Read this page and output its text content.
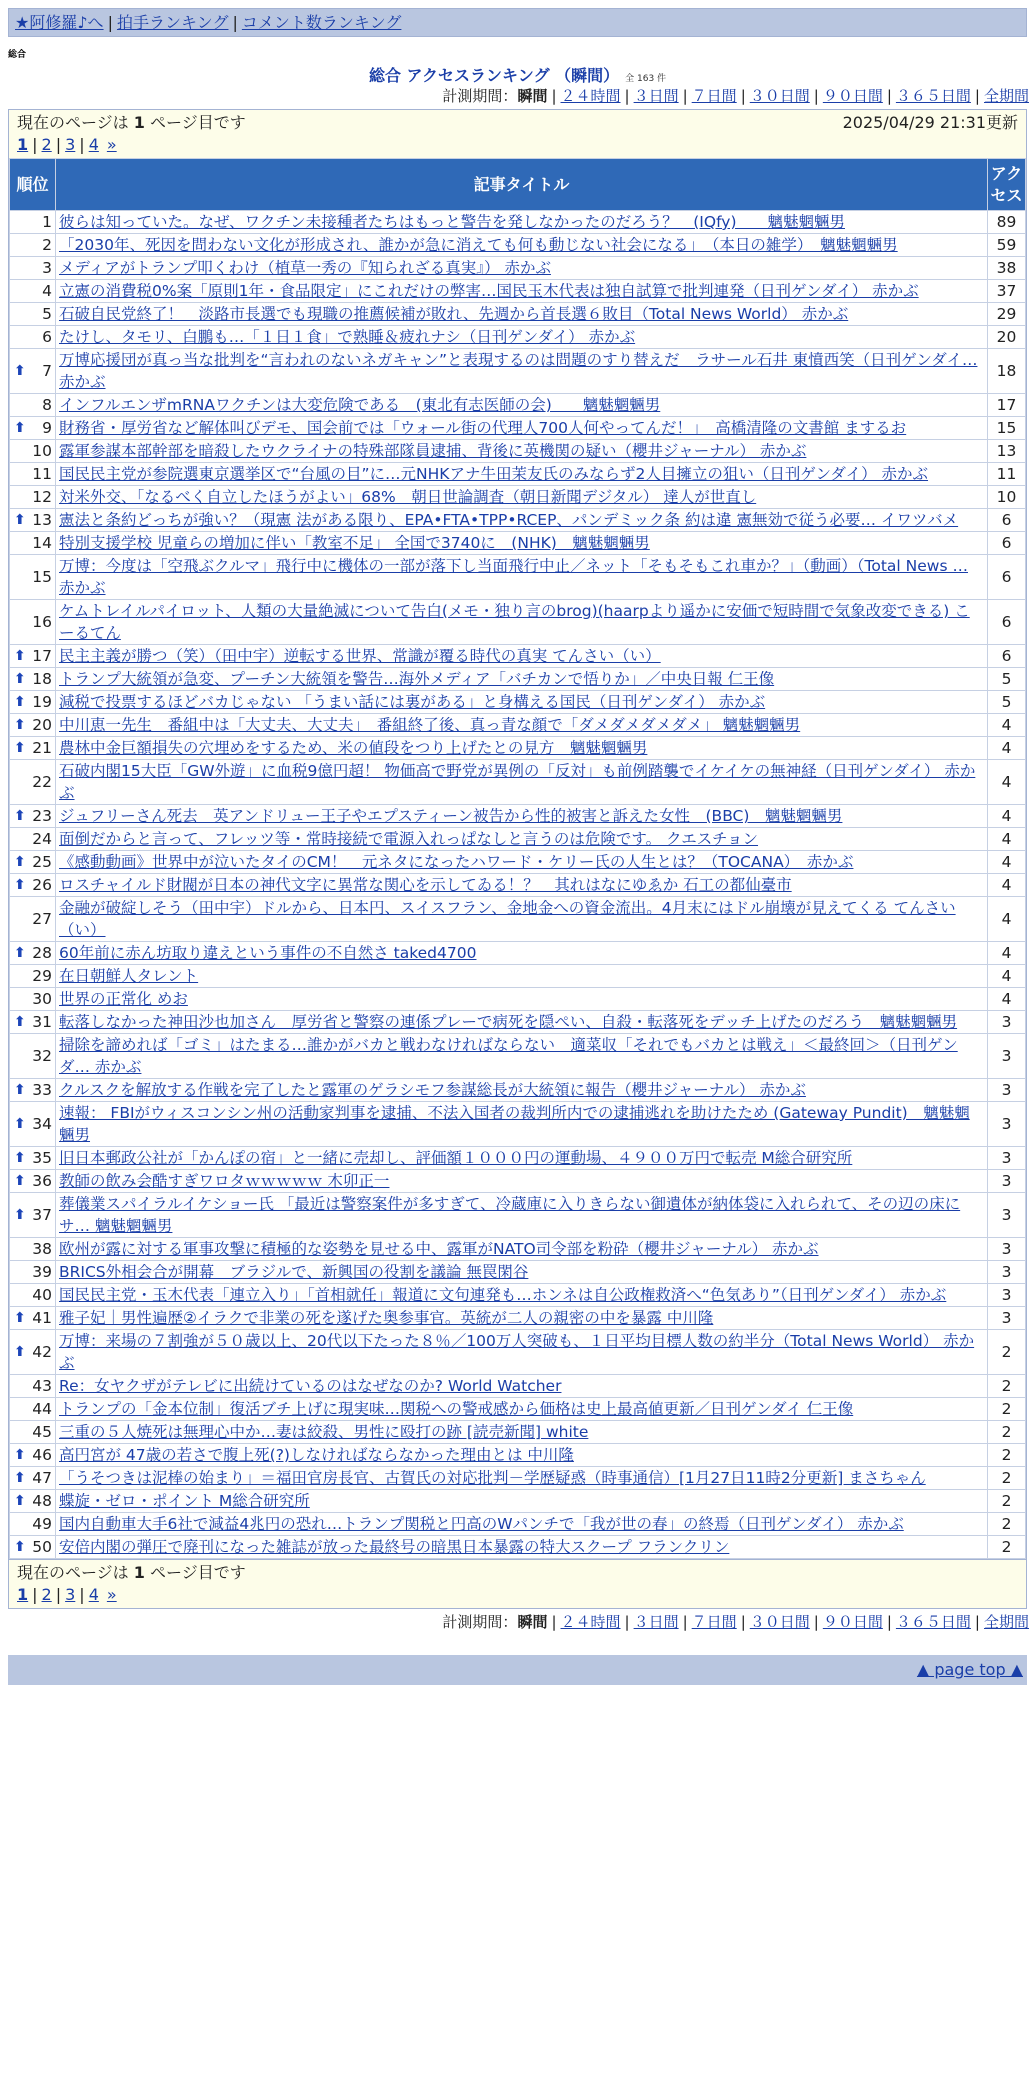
★阿修羅♪へ | 拍手ランキング | コメント数ランキング
総合
総合 アクセスランキング （瞬間） 全 163 件
計測期間：瞬間 | ２４時間 | ３日間 | ７日間 | ３０日間 | ９０日間 | ３６５日間 | 全期間
現在のページは 1 ページ目です	2025/04/29 21:31更新
1 | 2 | 3 | 4 »
順位	記事タイトル	アクセス
1	彼らは知っていた。なぜ、ワクチン未接種者たちはもっと警告を発しなかったのだろう？　(IQfy)　　魑魅魍魎男	89
2	「2030年、死因を問わない文化が形成され、誰かが急に消えても何も動じない社会になる」　（本日の雑学）　魑魅魍魎男	59
3	メディアがトランプ叩くわけ（植草一秀の『知られざる真実』） 赤かぶ	38
4	立憲の消費税0%案「原則1年・食品限定」にこれだけの弊害…国民玉木代表は独自試算で批判連発（日刊ゲンダイ） 赤かぶ	37
5	石破自民党終了！　淡路市長選でも現職の推薦候補が敗れ、先週から首長選６敗目（Total News World） 赤かぶ	29
6	たけし、タモリ、白鵬も…「１日１食」で熟睡＆疲れナシ（日刊ゲンダイ） 赤かぶ	20

⬆ 7	万博応援団が真っ当な批判を“言われのないネガキャン”と表現するのは問題のすり替えだ　ラサール石井 東憤西笑（日刊ゲンダイ… 赤かぶ	18
8	インフルエンザmRNAワクチンは大変危険である　(東北有志医師の会)　　魑魅魍魎男	17

⬆ 9	財務省・厚労省など解体叫びデモ、国会前では「ウォール街の代理人700人何やってんだ！」　高橋清隆の文書館 まするお	15
10	露軍参謀本部幹部を暗殺したウクライナの特殊部隊員逮捕、背後に英機関の疑い（櫻井ジャーナル） 赤かぶ	13
11	国民民主党が参院選東京選挙区で“台風の目”に…元NHKアナ牛田茉友氏のみならず2人目擁立の狙い（日刊ゲンダイ） 赤かぶ	11
12	対米外交、「なるべく自立したほうがよい」68%　朝日世論調査（朝日新聞デジタル） 達人が世直し	10

⬆ 13	憲法と条約どっちが強い？（現憲 法がある限り、EPA•FTA•TPP•RCEP、パンデミック条 約は違 憲無効で従う必要… イワツバメ	6
14	特別支援学校 児童らの増加に伴い「教室不足」 全国で3740に　(NHK)　魑魅魍魎男	6
15	万博：今度は「空飛ぶクルマ」飛行中に機体の一部が落下し当面飛行中止／ネット「そもそもこれ車か？」（動画）（Total News … 赤かぶ	6
16	ケムトレイルパイロット、人類の大量絶滅について告白(メモ・独り言のbrog)(haarpより遥かに安価で短時間で気象改変できる) こーるてん	6

⬆ 17	民主主義が勝つ（笑）（田中宇）逆転する世界、常識が覆る時代の真実 てんさい（い）	6

⬆ 18	トランプ大統領が急変、プーチン大統領を警告…海外メディア「バチカンで悟りか」／中央日報 仁王像	5

⬆ 19	減税で投票するほどバカじゃない 「うまい話には裏がある」と身構える国民（日刊ゲンダイ） 赤かぶ	5

⬆ 20	中川恵一先生　番組中は「大丈夫、大丈夫」　番組終了後、真っ青な顔で「ダメダメダメダメ」 魑魅魍魎男	4

⬆ 21	農林中金巨額損失の穴埋めをするため、米の値段をつり上げたとの見方　魑魅魍魎男	4
22	石破内閣15大臣「GW外遊」に血税9億円超！ 物価高で野党が異例の「反対」も前例踏襲でイケイケの無神経（日刊ゲンダイ） 赤かぶ	4

⬆ 23	ジュフリーさん死去　英アンドリュー王子やエプスティーン被告から性的被害と訴えた女性　(BBC)　魑魅魍魎男	4
24	面倒だからと言って、フレッツ等・常時接続で電源入れっぱなしと言うのは危険です。 クエスチョン	4

⬆ 25	《感動動画》世界中が泣いたタイのCM！　元ネタになったハワード・ケリー氏の人生とは？（TOCANA）　赤かぶ	4

⬆ 26	ロスチャイルド財閥が日本の神代文字に異常な関心を示してゐる！？　其れはなにゆゑか 石工の都仙臺市	4
27	金融が破綻しそう（田中宇）ドルから、日本円、スイスフラン、金地金への資金流出。4月末にはドル崩壊が見えてくる てんさい（い）	4

⬆ 28	60年前に赤ん坊取り違えという事件の不自然さ taked4700	4
29	在日朝鮮人タレント	4
30	世界の正常化 めお	4

⬆ 31	転落しなかった神田沙也加さん　厚労省と警察の連係プレーで病死を隠ぺい、自殺・転落死をデッチ上げたのだろう　魑魅魍魎男	3
32	掃除を諦めれば「ゴミ」はたまる…誰かがバカと戦わなければならない　適菜収「それでもバカとは戦え」＜最終回＞（日刊ゲンダ… 赤かぶ	3

⬆ 33	クルスクを解放する作戦を完了したと露軍のゲラシモフ参謀総長が大統領に報告（櫻井ジャーナル） 赤かぶ	3

⬆ 34	速報： FBIがウィスコンシン州の活動家判事を逮捕、不法入国者の裁判所内での逮捕逃れを助けたため (Gateway Pundit)　魑魅魍魎男	3

⬆ 35	旧日本郵政公社が「かんぽの宿」と一緒に売却し、評価額１０００円の運動場、４９００万円で転売 M総合研究所	3

⬆ 36	教師の飲み会酷すぎワロタｗｗｗｗｗ 木卯正一	3

⬆ 37	葬儀業スパイラルイケショー氏 「最近は警察案件が多すぎて、冷蔵庫に入りきらない御遺体が納体袋に入れられて、その辺の床にサ… 魑魅魍魎男	3
38	欧州が露に対する軍事攻撃に積極的な姿勢を見せる中、露軍がNATO司令部を粉砕（櫻井ジャーナル） 赤かぶ	3
39	BRICS外相会合が開幕　ブラジルで、新興国の役割を議論 無罠閑谷	3
40	国民民主党・玉木代表「連立入り」「首相就任」報道に文句連発も…ホンネは自公政権救済へ“色気あり”（日刊ゲンダイ） 赤かぶ	3

⬆ 41	雅子妃｜男性遍歴②イラクで非業の死を遂げた奥参事官。英統が二人の親密の中を暴露 中川隆	3

⬆ 42	万博：来場の７割強が５０歳以上、20代以下たった８％／100万人突破も、１日平均目標人数の約半分（Total News World） 赤かぶ	2
43	Re：女ヤクザがテレビに出続けているのはなぜなのか? World Watcher	2
44	トランプの「金本位制」復活ブチ上げに現実味…関税への警戒感から価格は史上最高値更新／日刊ゲンダイ 仁王像	2
45	三重の５人焼死は無理心中か…妻は絞殺、男性に殴打の跡 [読売新聞] white	2

⬆ 46	高円宮が 47歳の若さで腹上死(?)しなければならなかった理由とは 中川隆	2

⬆ 47	「うそつきは泥棒の始まり」＝福田官房長官、古賀氏の対応批判－学歴疑惑（時事通信）[1月27日11時2分更新] まさちゃん	2

⬆ 48	蝶旋・ゼロ・ポイント M総合研究所	2
49	国内自動車大手6社で減益4兆円の恐れ…トランプ関税と円高のWパンチで「我が世の春」の終焉（日刊ゲンダイ） 赤かぶ	2

⬆ 50	安倍内閣の弾圧で廃刊になった雑誌が放った最終号の暗黒日本暴露の特大スクープ フランクリン	2
現在のページは 1 ページ目です
1 | 2 | 3 | 4 »
計測期間：瞬間 | ２４時間 | ３日間 | ７日間 | ３０日間 | ９０日間 | ３６５日間 | 全期間
▲ page top ▲
